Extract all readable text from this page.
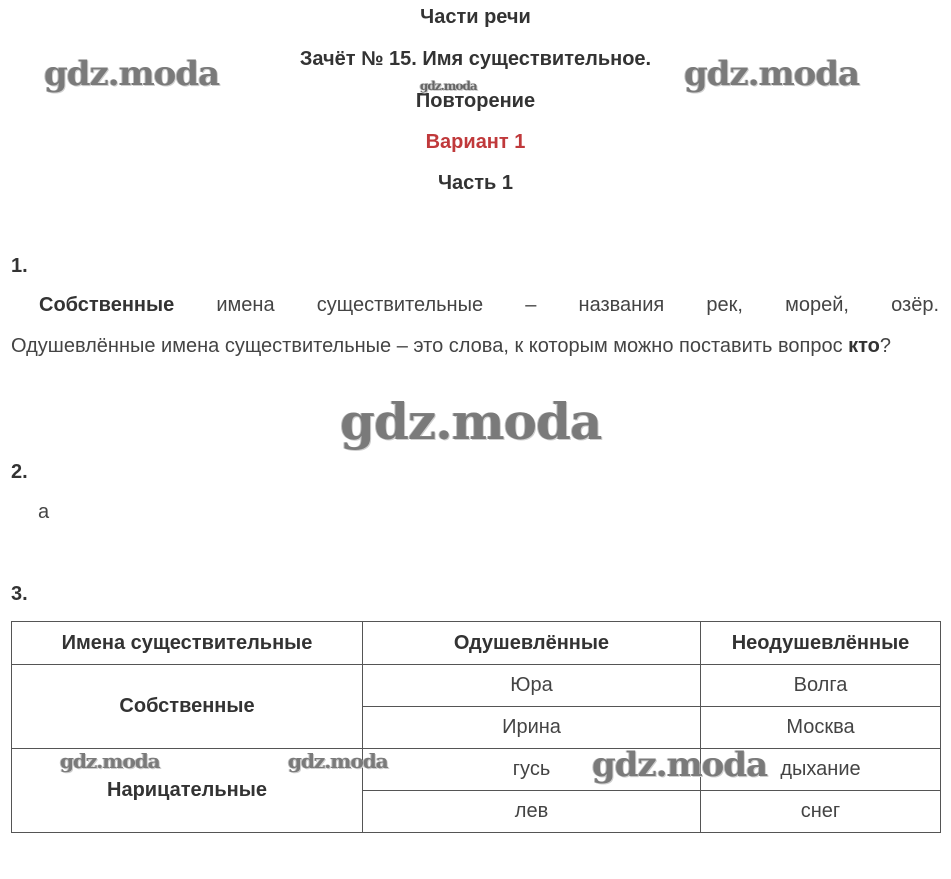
Части речи
Зачёт № 15. Имя существительное.
Повторение
Вариант 1
Часть 1
1.
Собственные имена существительные – названия рек, морей, озёр.
Одушевлённые имена существительные – это слова, к которым можно поставить вопрос кто?
2.
а
3.
Имена существительные	Одушевлённые	Неодушевлённые
Собственные	Юра	Волга
	Ирина	Москва
Нарицательные	гусь	дыхание
	лев	снег
gdz.moda	gdz.moda
gdz.moda
gdz.moda
gdz.moda	gdz.moda	gdz.moda
